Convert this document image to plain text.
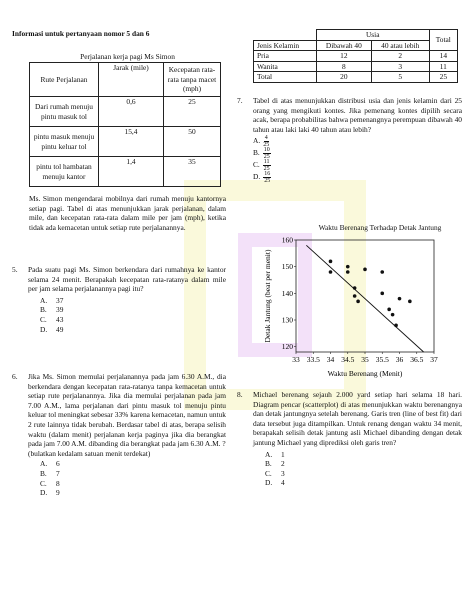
Informasi untuk pertanyaan nomor 5 dan 6
Perjalanan kerja pagi Ms Simon
Rute Perjalanan	Jarak (mile)	Kecepatan rata-rata tanpa macet (mph)
Dari rumah menuju pintu masuk tol	0,6	25
pintu masuk menuju pintu keluar tol	15,4	50
pintu tol hambatan menuju kantor	1,4	35
Ms. Simon mengendarai mobilnya dari rumah menuju kantornya setiap pagi. Tabel di atas menunjukkan jarak perjalanan, dalam mile, dan kecepatan rata-rata dalam mile per jam (mph), ketika tidak ada kemacetan untuk setiap rute perjalanannya.
5.	Pada suatu pagi Ms. Simon berkendara dari rumahnya ke kantor selama 24 menit. Berapakah kecepatan rata-ratanya dalam mile per jam selama perjalanannya pagi itu?
A. 37
B. 39
C. 43
D. 49
6.	Jika Ms. Simon memulai perjalanannya pada jam 6.30 A.M., dia berkendara dengan kecepatan rata-ratanya tanpa kemacetan untuk setiap rute perjalanannya. Jika dia memulai perjalanan pada jam 7.00 A.M., lama perjalanan dari pintu masuk tol menuju pintu keluar tol meningkat sebesar 33% karena kemacetan, namun untuk 2 rute lainnya tidak berubah. Berdasar tabel di atas, berapa selisih waktu (dalam menit) perjalanan kerja paginya jika dia berangkat pada jam 7.00 A.M. dibanding dia berangkat pada jam 6.30 A.M. ?
(bulatkan kedalam satuan menit terdekat)
A. 6
B. 7
C. 8
D. 9
	Usia		Total
Jenis Kelamin	Dibawah 40	40 atau lebih	
Pria	12	2	14
Wanita	8	3	11
Total	20	5	25
7.	Tabel di atas menunjukkan distribusi usia dan jenis kelamin dari 25 orang yang mengikuti kontes. Jika pemenang kontes dipilih secara acak, berapa probabilitas bahwa pemenangnya perempuan dibawah 40 tahun atau laki laki 40 tahun atau lebih?
A. $\frac{4}{25}$
B. $\frac{10}{25}$
C. $\frac{11}{25}$
D. $\frac{16}{25}$
Waktu Berenang Terhadap Detak Jantung
33 33.5 34 34.5 35 35.5 36 36.5 37
120
130
140
150
160
Waktu Berenang (Menit)
Detak Jantung (beat per menit)
8.	Michael berenang sejauh 2.000 yard setiap hari selama 18 hari. Diagram pencar (scatterplot) di atas menunjukkan waktu berenangnya dan detak jantungnya setelah berenang. Garis tren (line of best fit) dari data tersebut juga ditampilkan. Untuk renang dengan waktu 34 menit, berapakah selisih detak jantung asli Michael dibanding dengan detak jantung Michael yang diprediksi oleh garis tren?
A. 1
B. 2
C. 3
D. 4
